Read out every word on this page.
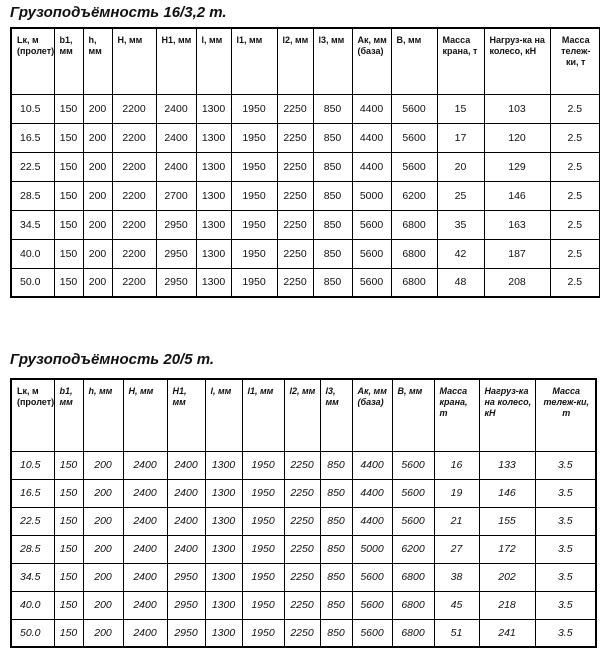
Грузоподъёмность 16/3,2 т.
Lк, м (пролет)	b1, мм	h, мм	H, мм	H1, мм	l, мм	l1, мм	l2, мм	l3, мм	Aк, мм (база)	B, мм	Масса крана, т	Нагруз-ка на колесо, кН	Масса тележ-ки, т
10.5	150	200	2200	2400	1300	1950	2250	850	4400	5600	15	103	2.5
16.5	150	200	2200	2400	1300	1950	2250	850	4400	5600	17	120	2.5
22.5	150	200	2200	2400	1300	1950	2250	850	4400	5600	20	129	2.5
28.5	150	200	2200	2700	1300	1950	2250	850	5000	6200	25	146	2.5
34.5	150	200	2200	2950	1300	1950	2250	850	5600	6800	35	163	2.5
40.0	150	200	2200	2950	1300	1950	2250	850	5600	6800	42	187	2.5
50.0	150	200	2200	2950	1300	1950	2250	850	5600	6800	48	208	2.5
Грузоподъёмность 20/5 т.
Lк, м (пролет)	b1, мм	h, мм	H, мм	H1, мм	l, мм	l1, мм	l2, мм	l3, мм	Aк, мм (база)	B, мм	Масса крана, т	Нагруз-ка на колесо, кН	Масса тележ-ки, т
10.5	150	200	2400	2400	1300	1950	2250	850	4400	5600	16	133	3.5
16.5	150	200	2400	2400	1300	1950	2250	850	4400	5600	19	146	3.5
22.5	150	200	2400	2400	1300	1950	2250	850	4400	5600	21	155	3.5
28.5	150	200	2400	2400	1300	1950	2250	850	5000	6200	27	172	3.5
34.5	150	200	2400	2950	1300	1950	2250	850	5600	6800	38	202	3.5
40.0	150	200	2400	2950	1300	1950	2250	850	5600	6800	45	218	3.5
50.0	150	200	2400	2950	1300	1950	2250	850	5600	6800	51	241	3.5
